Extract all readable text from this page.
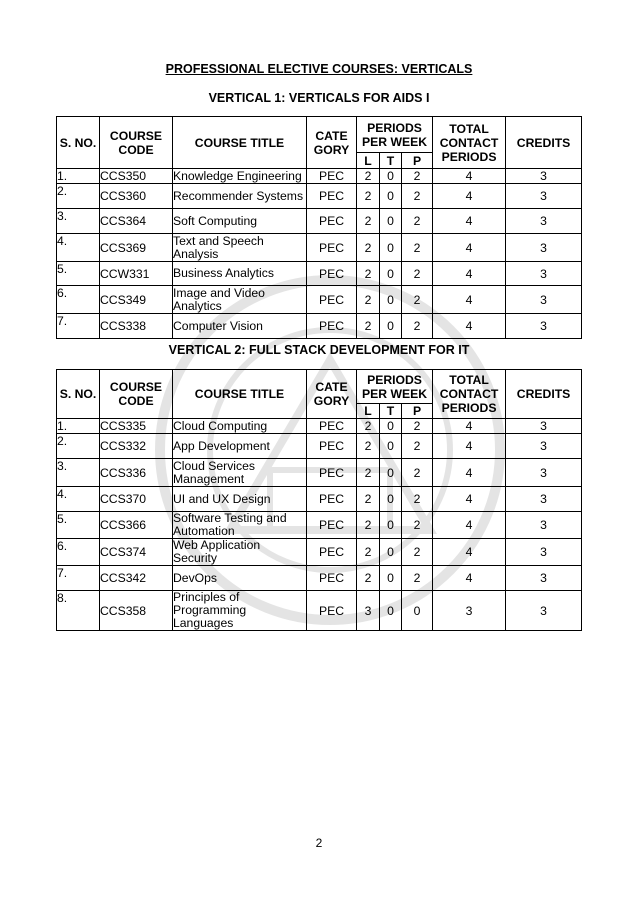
PROFESSIONAL ELECTIVE COURSES: VERTICALS
VERTICAL 1: VERTICALS FOR AIDS I
S. NO.	COURSE CODE	COURSE TITLE	CATE GORY	PERIODS PER WEEK			TOTAL CONTACT PERIODS	CREDITS
				L	T	P		
1.	CCS350	Knowledge Engineering	PEC	2	0	2	4	3
2.	CCS360	Recommender Systems	PEC	2	0	2	4	3
3.	CCS364	Soft Computing	PEC	2	0	2	4	3
4.	CCS369	Text and Speech Analysis	PEC	2	0	2	4	3
5.	CCW331	Business Analytics	PEC	2	0	2	4	3
6.	CCS349	Image and Video Analytics	PEC	2	0	2	4	3
7.	CCS338	Computer Vision	PEC	2	0	2	4	3
VERTICAL 2: FULL STACK DEVELOPMENT FOR IT
S. NO.	COURSE CODE	COURSE TITLE	CATE GORY	PERIODS PER WEEK			TOTAL CONTACT PERIODS	CREDITS
				L	T	P		
1.	CCS335	Cloud Computing	PEC	2	0	2	4	3
2.	CCS332	App Development	PEC	2	0	2	4	3
3.	CCS336	Cloud Services Management	PEC	2	0	2	4	3
4.	CCS370	UI and UX Design	PEC	2	0	2	4	3
5.	CCS366	Software Testing and Automation	PEC	2	0	2	4	3
6.	CCS374	Web Application Security	PEC	2	0	2	4	3
7.	CCS342	DevOps	PEC	2	0	2	4	3
8.	CCS358	Principles of Programming Languages	PEC	3	0	0	3	3
2
